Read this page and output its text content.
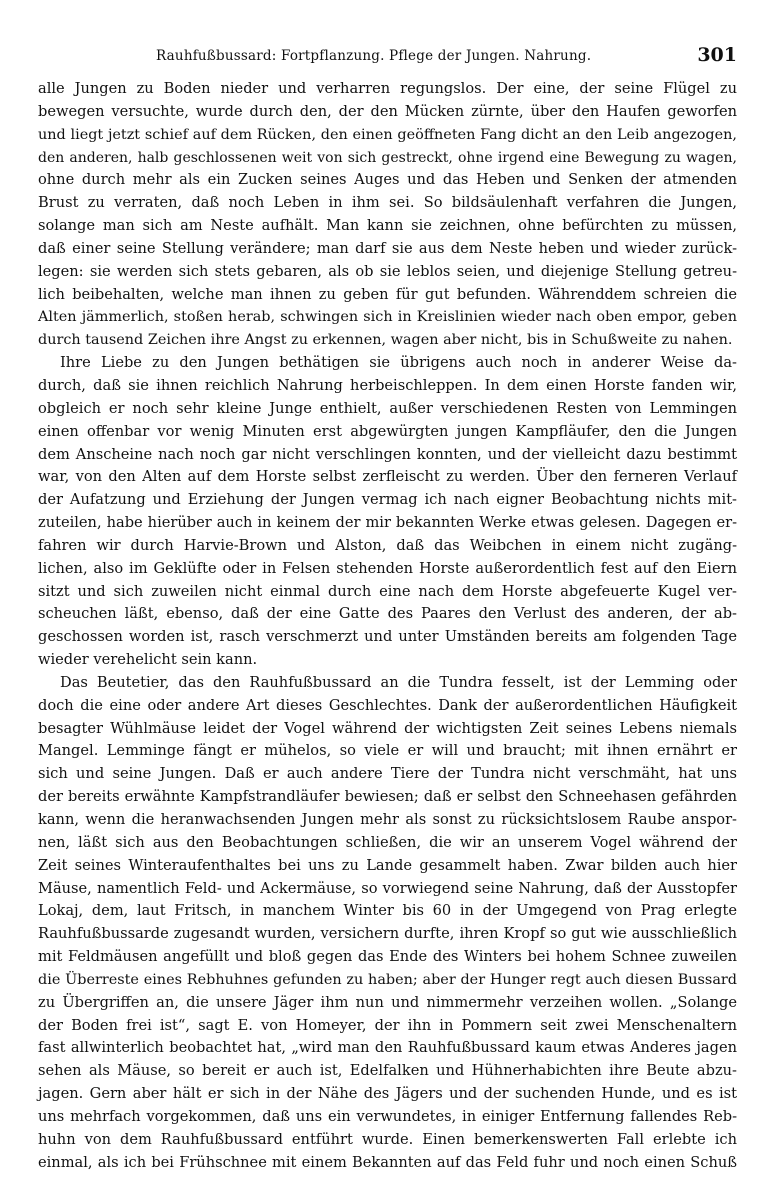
Rauhfußbussard: Fortpflanzung. Pflege der Jungen. Nahrung.	301
alle Jungen zu Boden nieder und verharren regungslos. Der eine, der seine Flügel zu
bewegen versuchte, wurde durch den, der den Mücken zürnte, über den Haufen geworfen
und liegt jetzt schief auf dem Rücken, den einen geöffneten Fang dicht an den Leib angezogen,
den anderen, halb geschlossenen weit von sich gestreckt, ohne irgend eine Bewegung zu wagen,
ohne durch mehr als ein Zucken seines Auges und das Heben und Senken der atmenden
Brust zu verraten, daß noch Leben in ihm sei. So bildsäulenhaft verfahren die Jungen,
solange man sich am Neste aufhält. Man kann sie zeichnen, ohne befürchten zu müssen,
daß einer seine Stellung verändere; man darf sie aus dem Neste heben und wieder zurück-
legen: sie werden sich stets gebaren, als ob sie leblos seien, und diejenige Stellung getreu-
lich beibehalten, welche man ihnen zu geben für gut befunden. Währenddem schreien die
Alten jämmerlich, stoßen herab, schwingen sich in Kreislinien wieder nach oben empor, geben
durch tausend Zeichen ihre Angst zu erkennen, wagen aber nicht, bis in Schußweite zu nahen.
Ihre Liebe zu den Jungen bethätigen sie übrigens auch noch in anderer Weise da-
durch, daß sie ihnen reichlich Nahrung herbeischleppen. In dem einen Horste fanden wir,
obgleich er noch sehr kleine Junge enthielt, außer verschiedenen Resten von Lemmingen
einen offenbar vor wenig Minuten erst abgewürgten jungen Kampfläufer, den die Jungen
dem Anscheine nach noch gar nicht verschlingen konnten, und der vielleicht dazu bestimmt
war, von den Alten auf dem Horste selbst zerfleischt zu werden. Über den ferneren Verlauf
der Aufatzung und Erziehung der Jungen vermag ich nach eigner Beobachtung nichts mit-
zuteilen, habe hierüber auch in keinem der mir bekannten Werke etwas gelesen. Dagegen er-
fahren wir durch Harvie-Brown und Alston, daß das Weibchen in einem nicht zugäng-
lichen, also im Geklüfte oder in Felsen stehenden Horste außerordentlich fest auf den Eiern
sitzt und sich zuweilen nicht einmal durch eine nach dem Horste abgefeuerte Kugel ver-
scheuchen läßt, ebenso, daß der eine Gatte des Paares den Verlust des anderen, der ab-
geschossen worden ist, rasch verschmerzt und unter Umständen bereits am folgenden Tage
wieder verehelicht sein kann.
Das Beutetier, das den Rauhfußbussard an die Tundra fesselt, ist der Lemming oder
doch die eine oder andere Art dieses Geschlechtes. Dank der außerordentlichen Häufigkeit
besagter Wühlmäuse leidet der Vogel während der wichtigsten Zeit seines Lebens niemals
Mangel. Lemminge fängt er mühelos, so viele er will und braucht; mit ihnen ernährt er
sich und seine Jungen. Daß er auch andere Tiere der Tundra nicht verschmäht, hat uns
der bereits erwähnte Kampfstrandläufer bewiesen; daß er selbst den Schneehasen gefährden
kann, wenn die heranwachsenden Jungen mehr als sonst zu rücksichtslosem Raube anspor-
nen, läßt sich aus den Beobachtungen schließen, die wir an unserem Vogel während der
Zeit seines Winteraufenthaltes bei uns zu Lande gesammelt haben. Zwar bilden auch hier
Mäuse, namentlich Feld- und Ackermäuse, so vorwiegend seine Nahrung, daß der Ausstopfer
Lokaj, dem, laut Fritsch, in manchem Winter bis 60 in der Umgegend von Prag erlegte
Rauhfußbussarde zugesandt wurden, versichern durfte, ihren Kropf so gut wie ausschließlich
mit Feldmäusen angefüllt und bloß gegen das Ende des Winters bei hohem Schnee zuweilen
die Überreste eines Rebhuhnes gefunden zu haben; aber der Hunger regt auch diesen Bussard
zu Übergriffen an, die unsere Jäger ihm nun und nimmermehr verzeihen wollen. „Solange
der Boden frei ist“, sagt E. von Homeyer, der ihn in Pommern seit zwei Menschenaltern
fast allwinterlich beobachtet hat, „wird man den Rauhfußbussard kaum etwas Anderes jagen
sehen als Mäuse, so bereit er auch ist, Edelfalken und Hühnerhabichten ihre Beute abzu-
jagen. Gern aber hält er sich in der Nähe des Jägers und der suchenden Hunde, und es ist
uns mehrfach vorgekommen, daß uns ein verwundetes, in einiger Entfernung fallendes Reb-
huhn von dem Rauhfußbussard entführt wurde. Einen bemerkenswerten Fall erlebte ich
einmal, als ich bei Frühschnee mit einem Bekannten auf das Feld fuhr und noch einen Schuß
